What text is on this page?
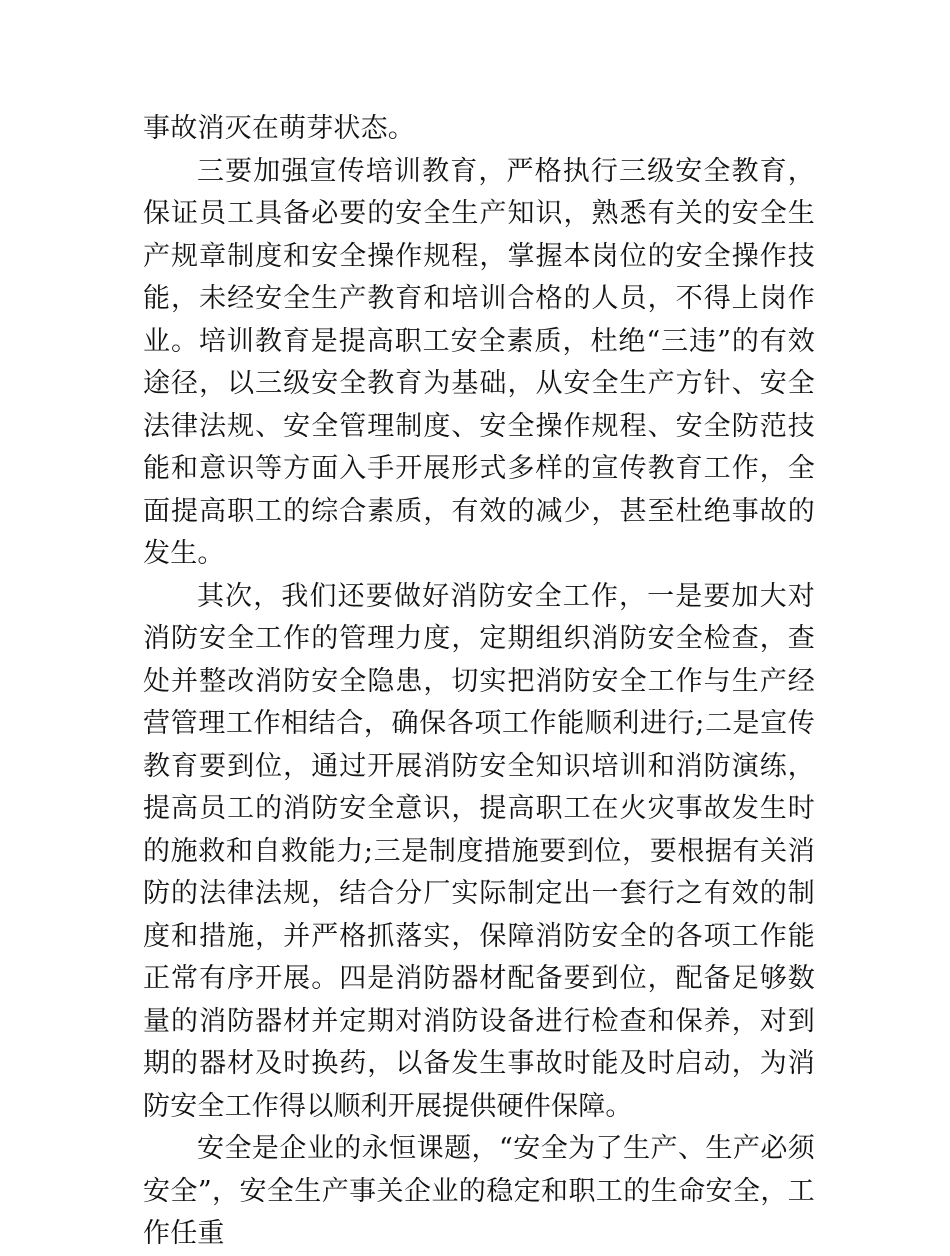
事故消灭在萌芽状态。

三要加强宣传培训教育，严格执行三级安全教育，保证员工具备必要的安全生产知识，熟悉有关的安全生产规章制度和安全操作规程，掌握本岗位的安全操作技能，未经安全生产教育和培训合格的人员，不得上岗作业。培训教育是提高职工安全素质，杜绝“三违”的有效途径，以三级安全教育为基础，从安全生产方针、安全法律法规、安全管理制度、安全操作规程、安全防范技能和意识等方面入手开展形式多样的宣传教育工作，全面提高职工的综合素质，有效的减少，甚至杜绝事故的发生。

其次，我们还要做好消防安全工作，一是要加大对消防安全工作的管理力度，定期组织消防安全检查，查处并整改消防安全隐患，切实把消防安全工作与生产经营管理工作相结合，确保各项工作能顺利进行;二是宣传教育要到位，通过开展消防安全知识培训和消防演练，提高员工的消防安全意识，提高职工在火灾事故发生时的施救和自救能力;三是制度措施要到位，要根据有关消防的法律法规，结合分厂实际制定出一套行之有效的制度和措施，并严格抓落实，保障消防安全的各项工作能正常有序开展。四是消防器材配备要到位，配备足够数量的消防器材并定期对消防设备进行检查和保养，对到期的器材及时换药，以备发生事故时能及时启动，为消防安全工作得以顺利开展提供硬件保障。

安全是企业的永恒课题，“安全为了生产、生产必须安全”，安全生产事关企业的稳定和职工的生命安全，工作任重
